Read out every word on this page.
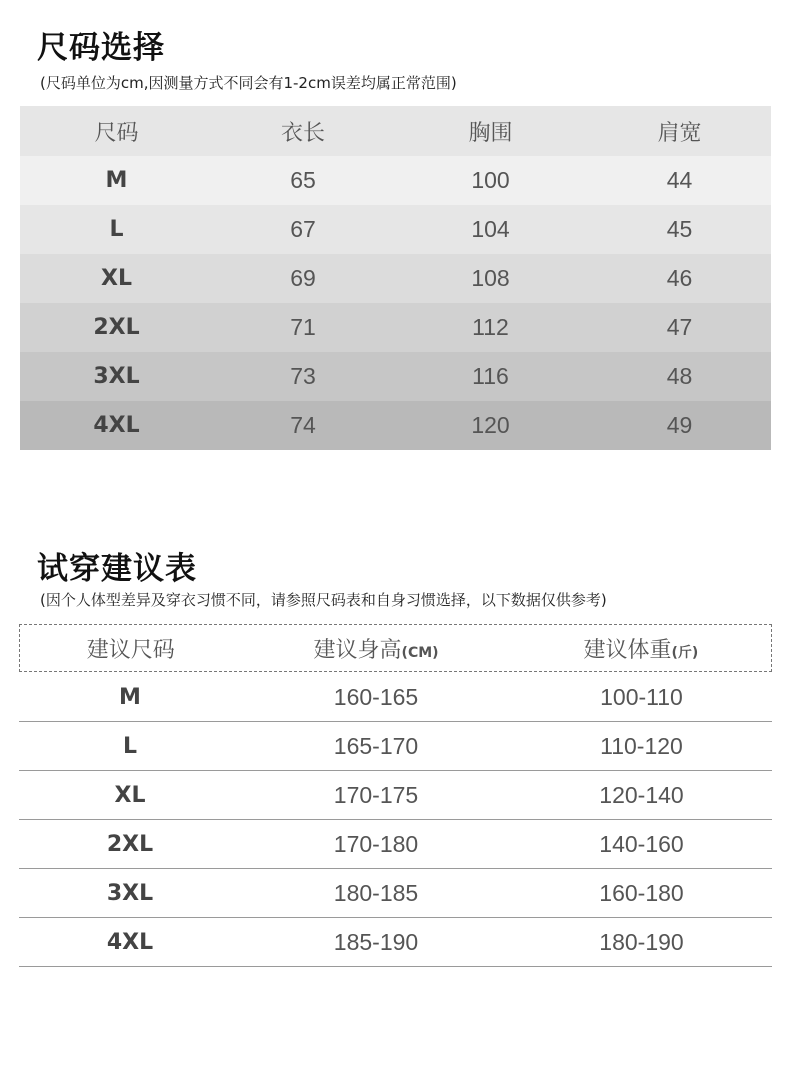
尺码选择
(尺码单位为cm,因测量方式不同会有1-2cm误差均属正常范围)
尺码	衣长	胸围	肩宽
M	65	100	44
L	67	104	45
XL	69	108	46
2XL	71	112	47
3XL	73	116	48
4XL	74	120	49
试穿建议表
(因个人体型差异及穿衣习惯不同，请参照尺码表和自身习惯选择，以下数据仅供参考)
建议尺码	建议身高(CM)	建议体重(斤)
M	160-165	100-110
L	165-170	110-120
XL	170-175	120-140
2XL	170-180	140-160
3XL	180-185	160-180
4XL	185-190	180-190
